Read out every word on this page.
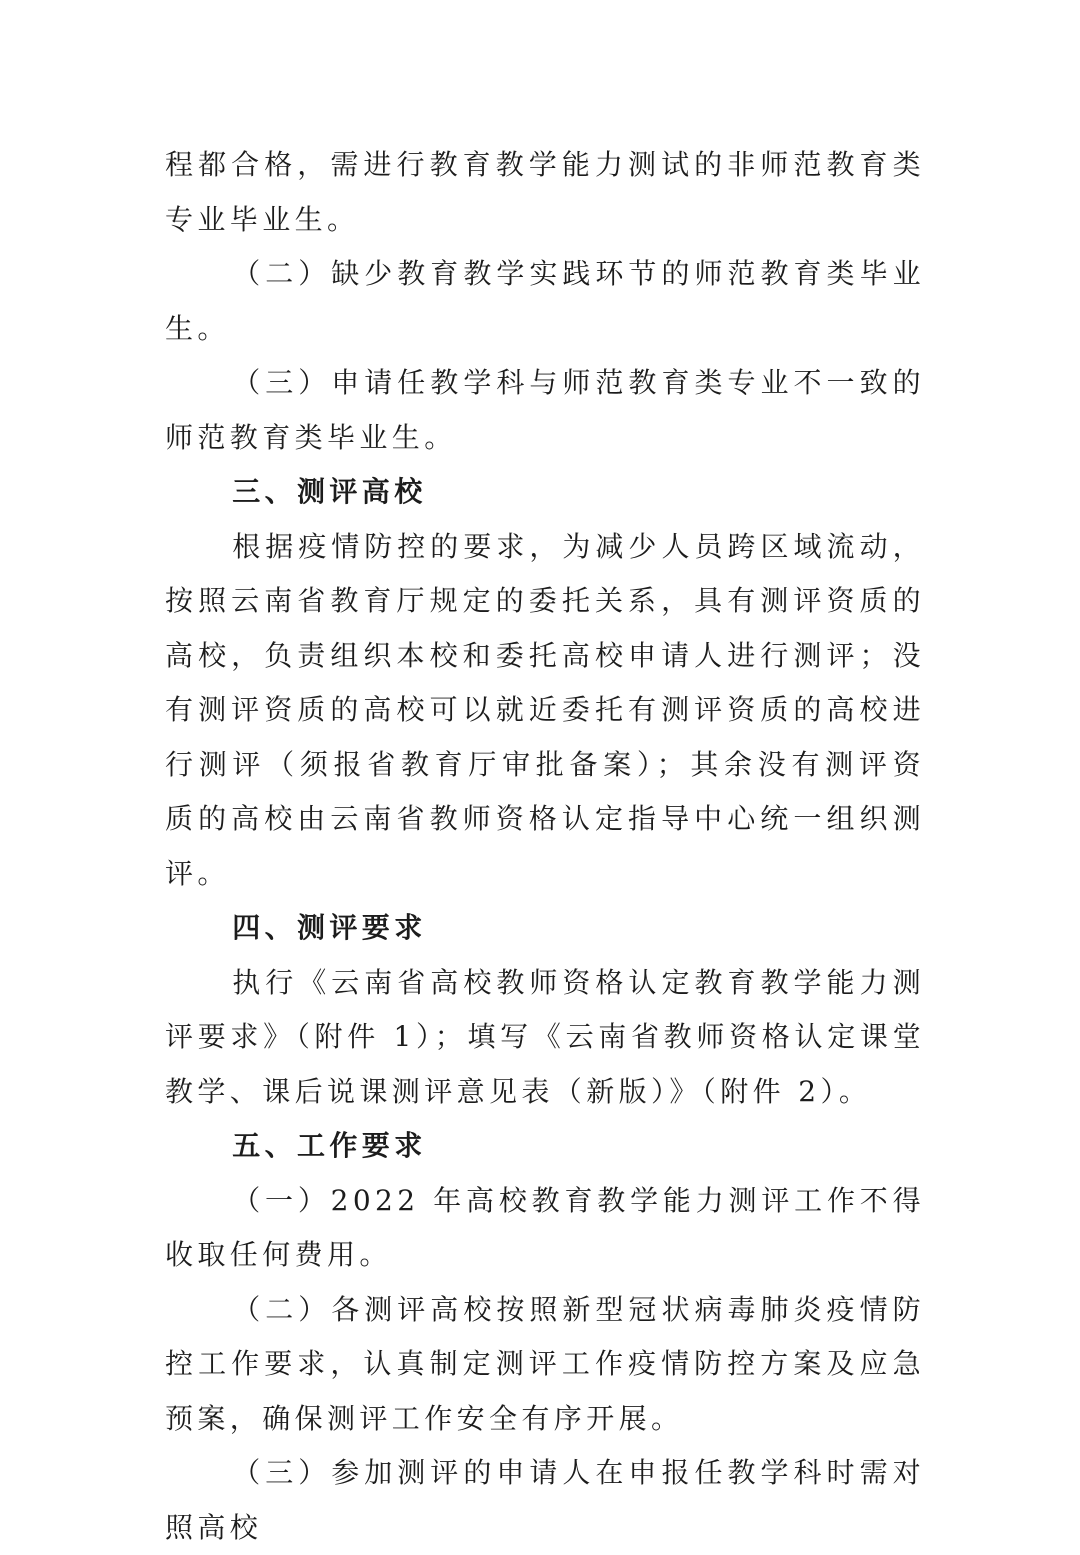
程都合格，需进行教育教学能力测试的非师范教育类专业毕业生。

（二）缺少教育教学实践环节的师范教育类毕业生。

（三）申请任教学科与师范教育类专业不一致的师范教育类毕业生。

三、测评高校

根据疫情防控的要求，为减少人员跨区域流动，按照云南省教育厅规定的委托关系，具有测评资质的高校，负责组织本校和委托高校申请人进行测评；没有测评资质的高校可以就近委托有测评资质的高校进行测评（须报省教育厅审批备案）；其余没有测评资质的高校由云南省教师资格认定指导中心统一组织测评。

四、测评要求

执行《云南省高校教师资格认定教育教学能力测评要求》（附件 1）；填写《云南省教师资格认定课堂教学、课后说课测评意见表（新版）》（附件 2）。

五、工作要求

（一）2022 年高校教育教学能力测评工作不得收取任何费用。

（二）各测评高校按照新型冠状病毒肺炎疫情防控工作要求，认真制定测评工作疫情防控方案及应急预案，确保测评工作安全有序开展。

（三）参加测评的申请人在申报任教学科时需对照高校
